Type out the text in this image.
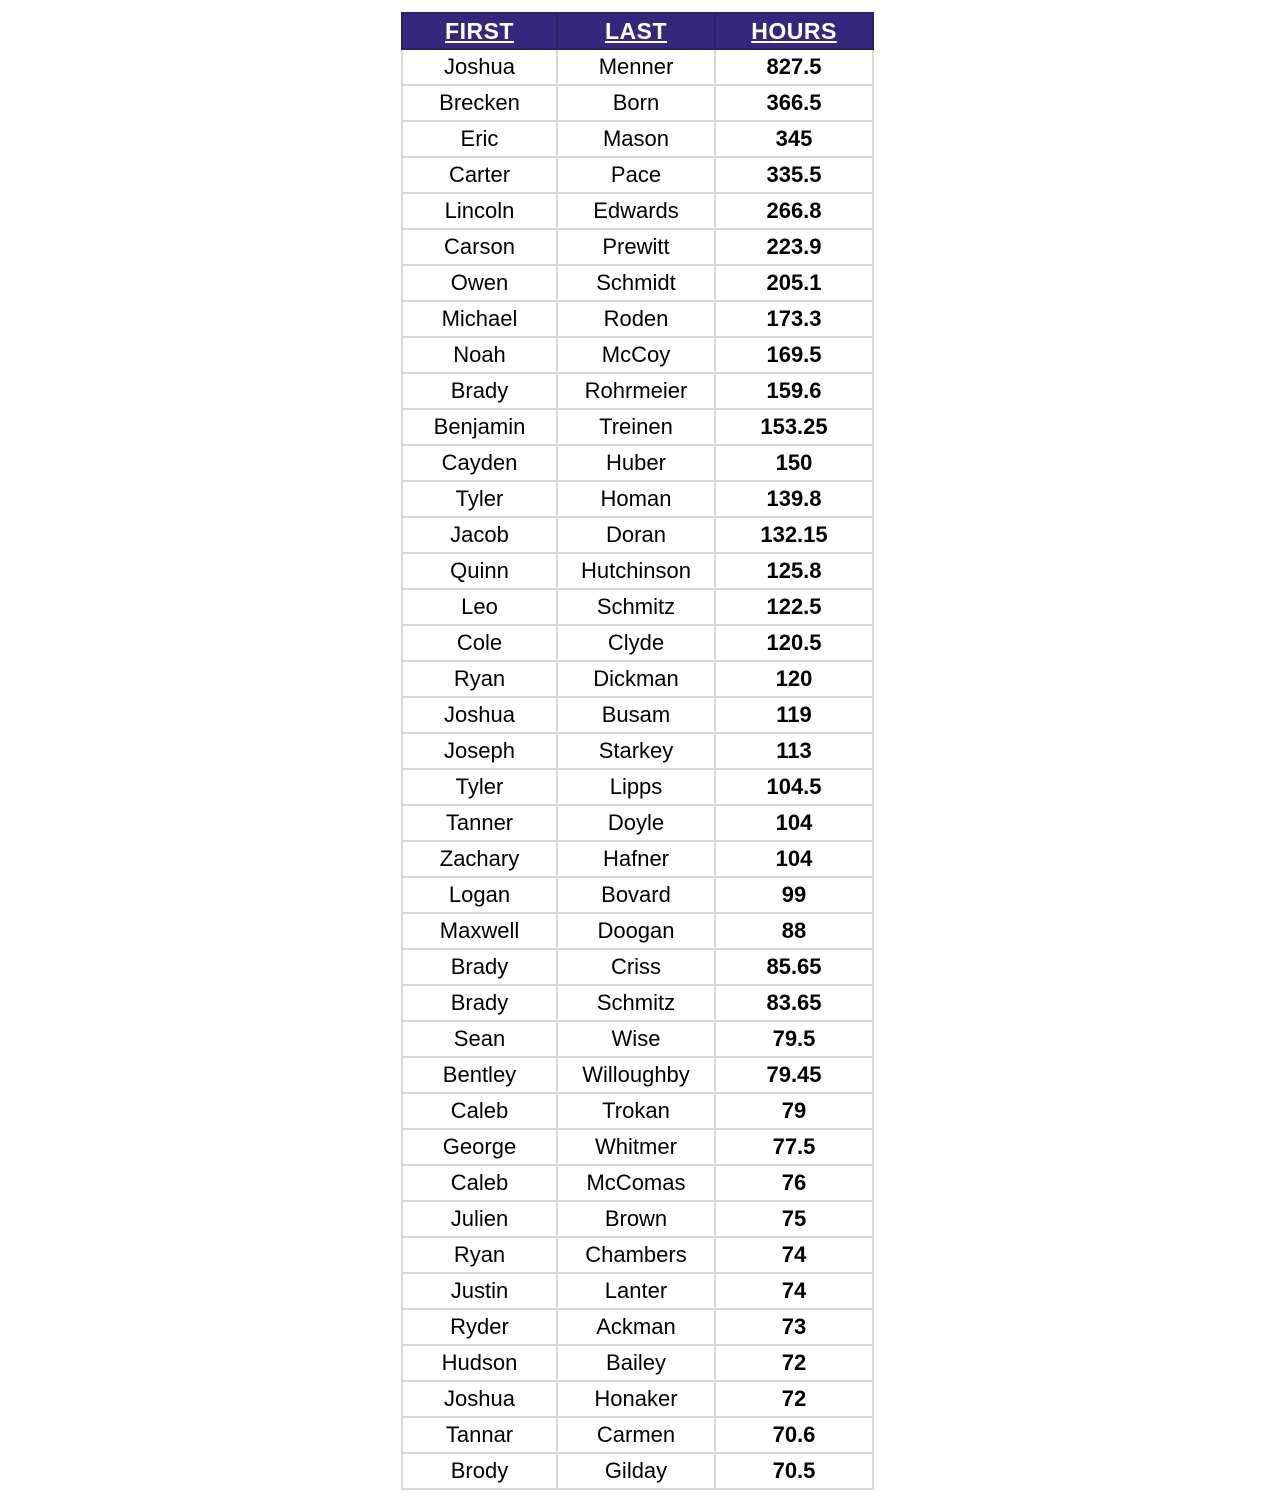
FIRST	LAST	HOURS
Joshua	Menner	827.5
Brecken	Born	366.5
Eric	Mason	345
Carter	Pace	335.5
Lincoln	Edwards	266.8
Carson	Prewitt	223.9
Owen	Schmidt	205.1
Michael	Roden	173.3
Noah	McCoy	169.5
Brady	Rohrmeier	159.6
Benjamin	Treinen	153.25
Cayden	Huber	150
Tyler	Homan	139.8
Jacob	Doran	132.15
Quinn	Hutchinson	125.8
Leo	Schmitz	122.5
Cole	Clyde	120.5
Ryan	Dickman	120
Joshua	Busam	119
Joseph	Starkey	113
Tyler	Lipps	104.5
Tanner	Doyle	104
Zachary	Hafner	104
Logan	Bovard	99
Maxwell	Doogan	88
Brady	Criss	85.65
Brady	Schmitz	83.65
Sean	Wise	79.5
Bentley	Willoughby	79.45
Caleb	Trokan	79
George	Whitmer	77.5
Caleb	McComas	76
Julien	Brown	75
Ryan	Chambers	74
Justin	Lanter	74
Ryder	Ackman	73
Hudson	Bailey	72
Joshua	Honaker	72
Tannar	Carmen	70.6
Brody	Gilday	70.5
